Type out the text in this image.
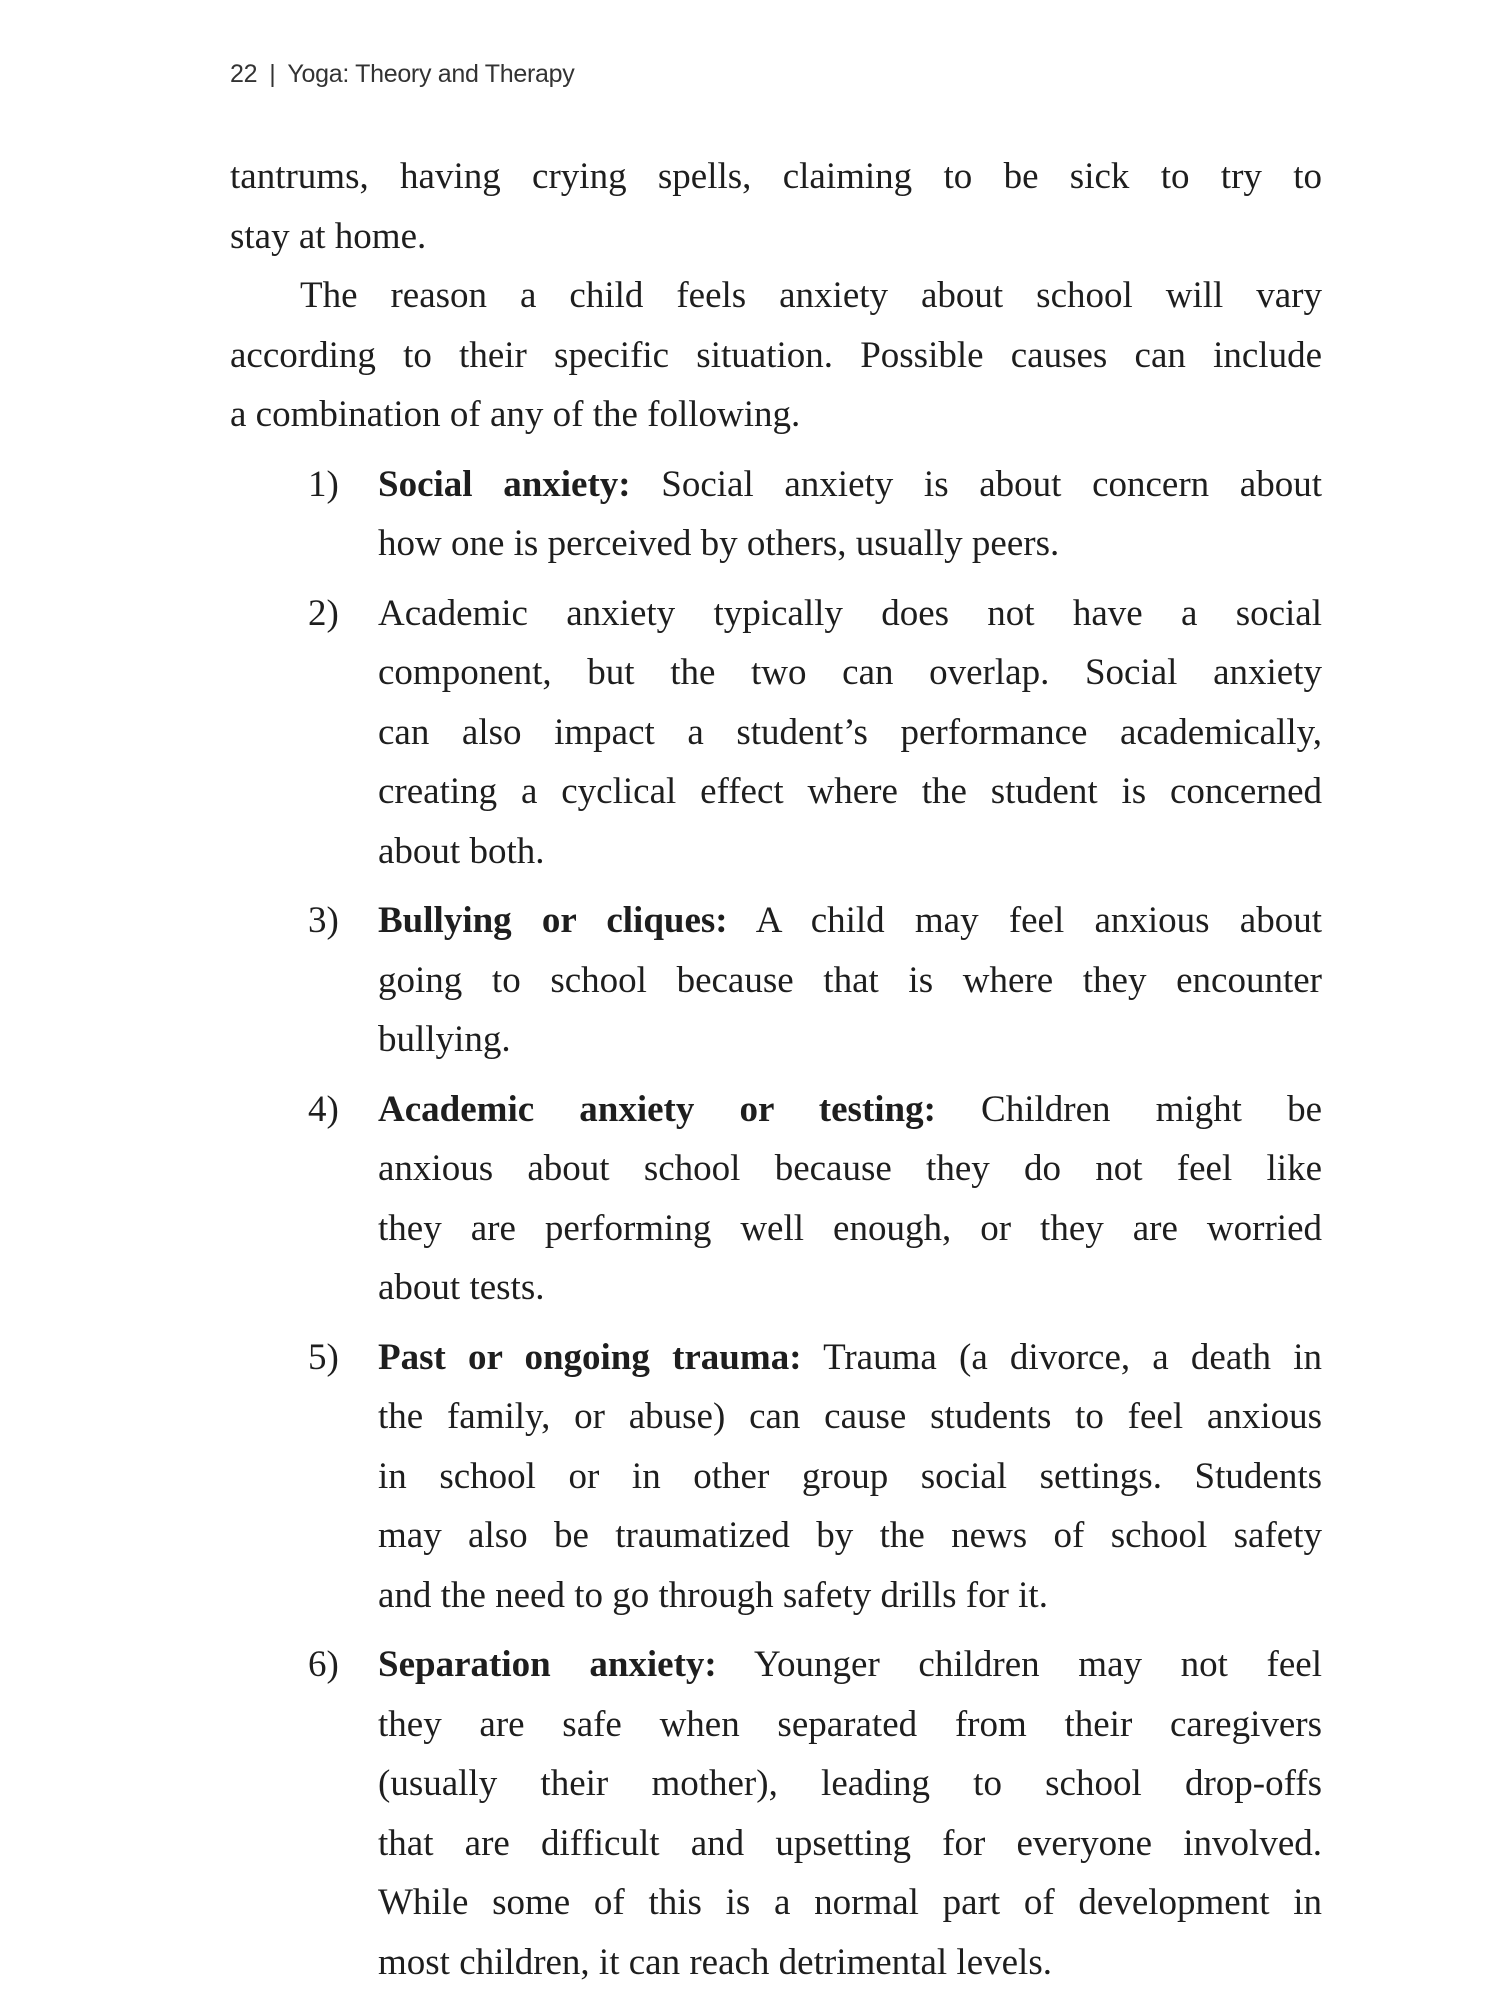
22 | Yoga: Theory and Therapy
tantrums, having crying spells, claiming to be sick to try to
stay at home.
The reason a child feels anxiety about school will vary
according to their specific situation. Possible causes can include
a combination of any of the following.
1) Social anxiety: Social anxiety is about concern about
how one is perceived by others, usually peers.
2) Academic anxiety typically does not have a social
component, but the two can overlap. Social anxiety
can also impact a student’s performance academically,
creating a cyclical effect where the student is concerned
about both.
3) Bullying or cliques: A child may feel anxious about
going to school because that is where they encounter
bullying.
4) Academic anxiety or testing: Children might be
anxious about school because they do not feel like
they are performing well enough, or they are worried
about tests.
5) Past or ongoing trauma: Trauma (a divorce, a death in
the family, or abuse) can cause students to feel anxious
in school or in other group social settings. Students
may also be traumatized by the news of school safety
and the need to go through safety drills for it.
6) Separation anxiety: Younger children may not feel
they are safe when separated from their caregivers
(usually their mother), leading to school drop-offs
that are difficult and upsetting for everyone involved.
While some of this is a normal part of development in
most children, it can reach detrimental levels.
